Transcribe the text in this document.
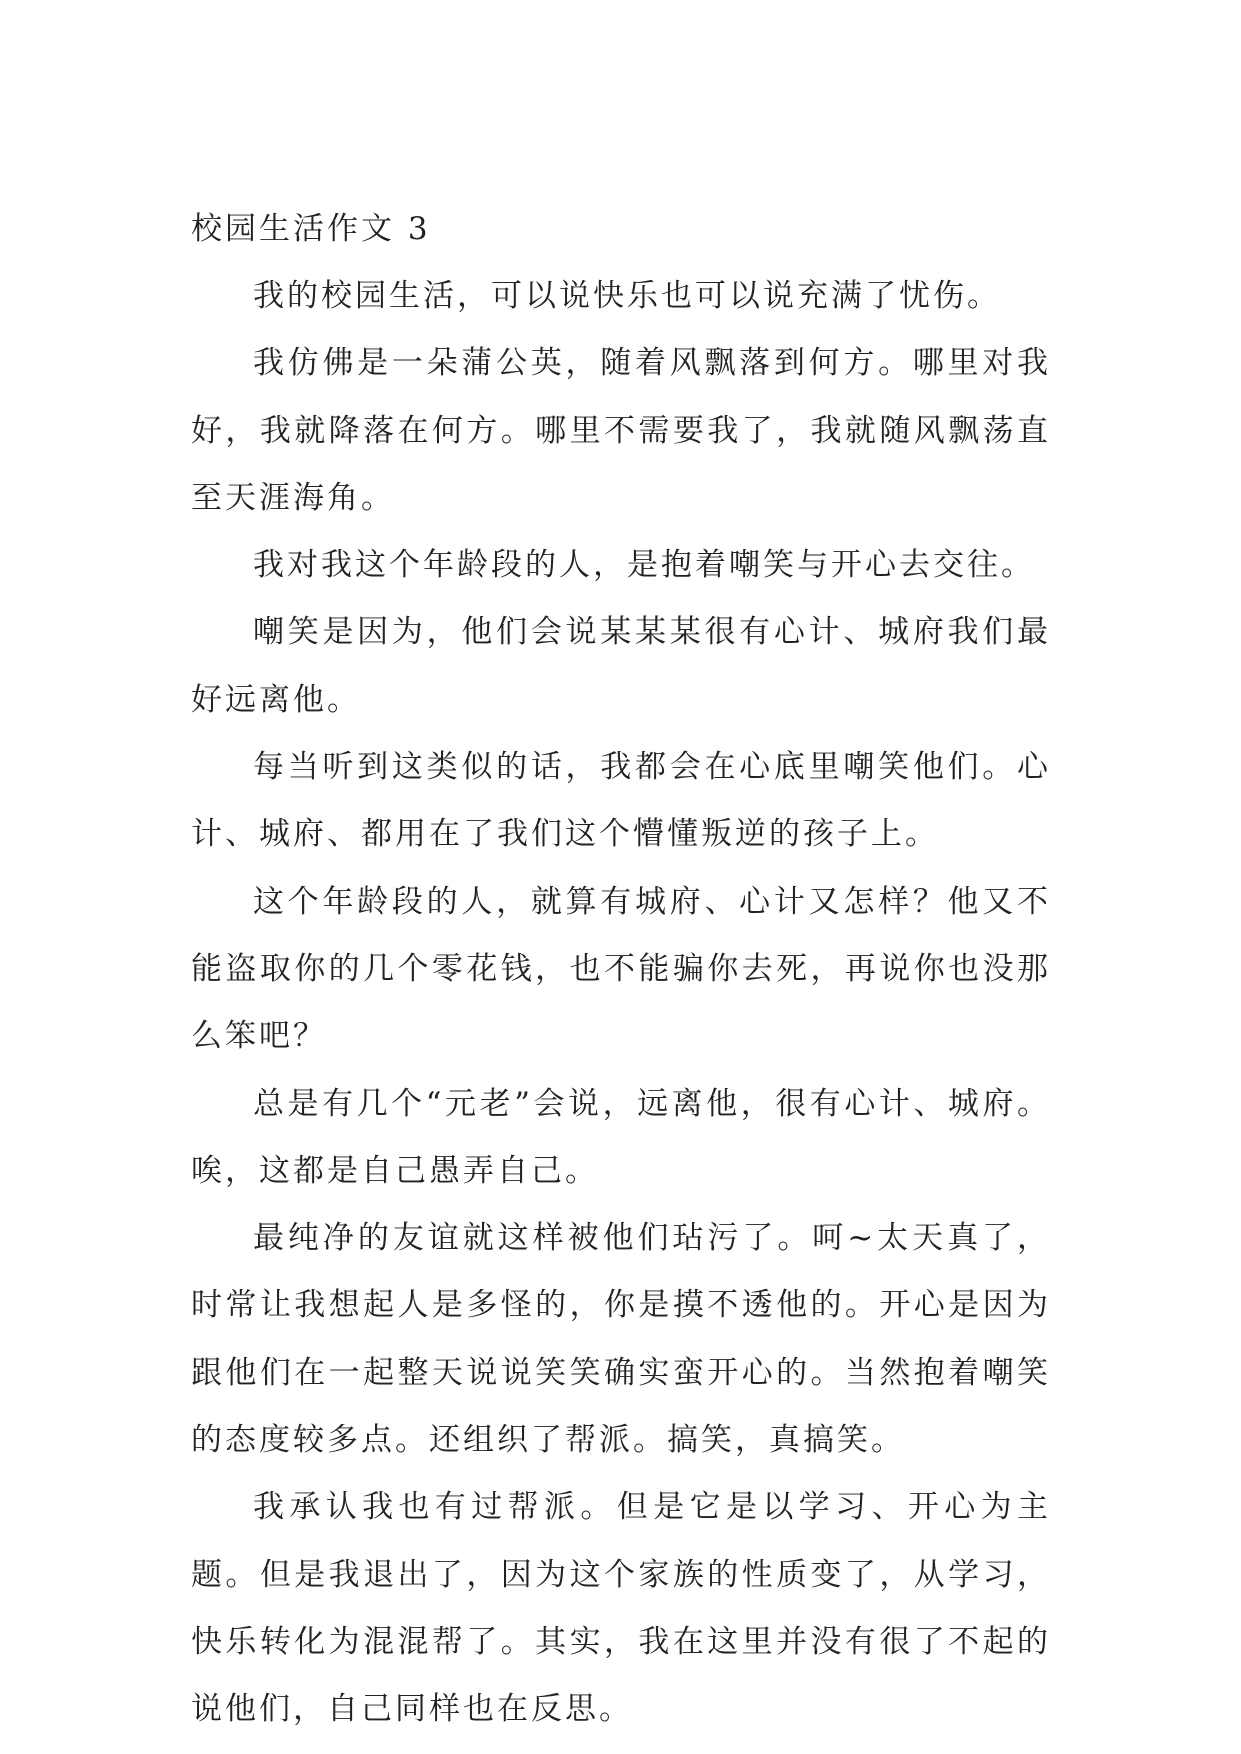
校园生活作文 3

我的校园生活，可以说快乐也可以说充满了忧伤。

我仿佛是一朵蒲公英，随着风飘落到何方。哪里对我好，我就降落在何方。哪里不需要我了，我就随风飘荡直至天涯海角。

我对我这个年龄段的人，是抱着嘲笑与开心去交往。

嘲笑是因为，他们会说某某某很有心计、城府我们最好远离他。

每当听到这类似的话，我都会在心底里嘲笑他们。心计、城府、都用在了我们这个懵懂叛逆的孩子上。

这个年龄段的人，就算有城府、心计又怎样？他又不能盗取你的几个零花钱，也不能骗你去死，再说你也没那么笨吧？

总是有几个“元老”会说，远离他，很有心计、城府。唉，这都是自己愚弄自己。

最纯净的友谊就这样被他们玷污了。呵~太天真了，时常让我想起人是多怪的，你是摸不透他的。开心是因为跟他们在一起整天说说笑笑确实蛮开心的。当然抱着嘲笑的态度较多点。还组织了帮派。搞笑，真搞笑。

我承认我也有过帮派。但是它是以学习、开心为主题。但是我退出了，因为这个家族的性质变了，从学习，快乐转化为混混帮了。其实，我在这里并没有很了不起的说他们，自己同样也在反思。
